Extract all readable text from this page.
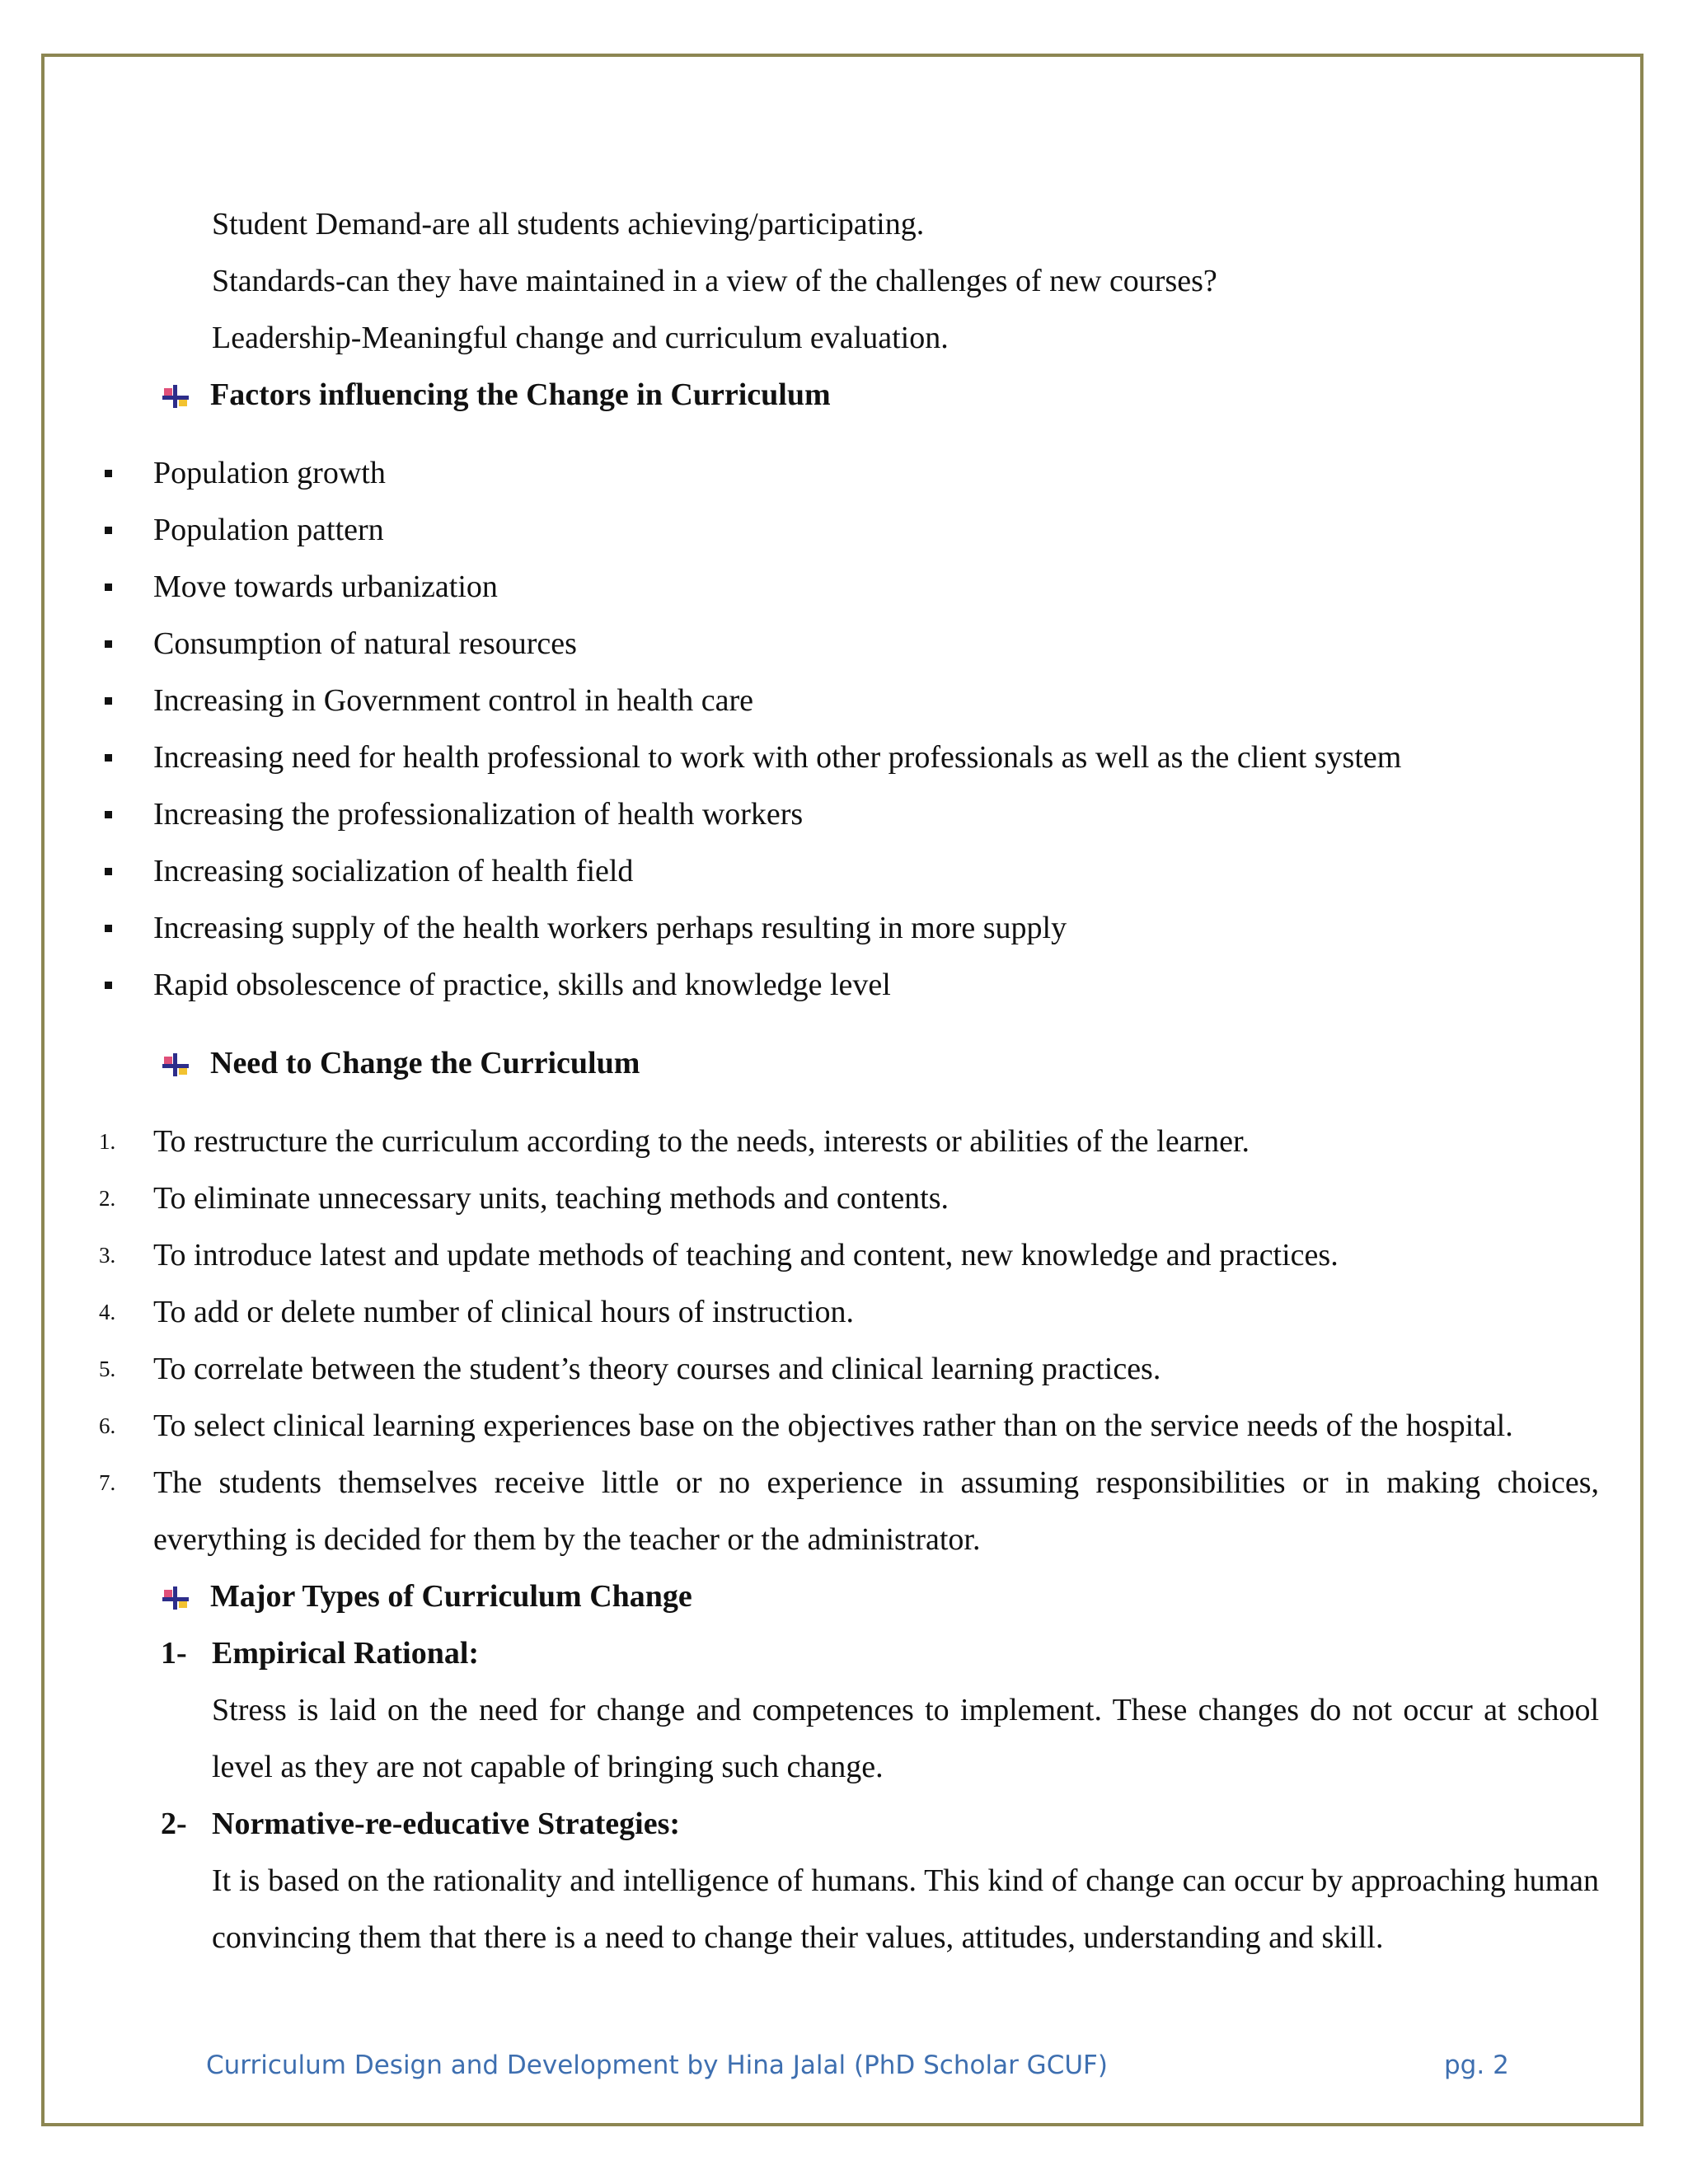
Student Demand-are all students achieving/participating.
Standards-can they have maintained in a view of the challenges of new courses?
Leadership-Meaningful change and curriculum evaluation.
Factors influencing the Change in Curriculum
Population growth
Population pattern
Move towards urbanization
Consumption of natural resources
Increasing in Government control in health care
Increasing need for health professional to work with other professionals as well as the client system
Increasing the professionalization of health workers
Increasing socialization of health field
Increasing supply of the health workers perhaps resulting in more supply
Rapid obsolescence of practice, skills and knowledge level
Need to Change the Curriculum
1.	To restructure the curriculum according to the needs, interests or abilities of the learner.
2.	To eliminate unnecessary units, teaching methods and contents.
3.	To introduce latest and update methods of teaching and content, new knowledge and practices.
4.	To add or delete number of clinical hours of instruction.
5.	To correlate between the student’s theory courses and clinical learning practices.
6.	To select clinical learning experiences base on the objectives rather than on the service needs of the hospital.
7.	The students themselves receive little or no experience in assuming responsibilities or in making choices, everything is decided for them by the teacher or the administrator.
Major Types of Curriculum Change
1- Empirical Rational:
Stress is laid on the need for change and competences to implement. These changes do not occur at school level as they are not capable of bringing such change.
2- Normative-re-educative Strategies:
It is based on the rationality and intelligence of humans. This kind of change can occur by approaching human convincing them that there is a need to change their values, attitudes, understanding and skill.
Curriculum Design and Development by Hina Jalal (PhD Scholar GCUF)	pg. 2
